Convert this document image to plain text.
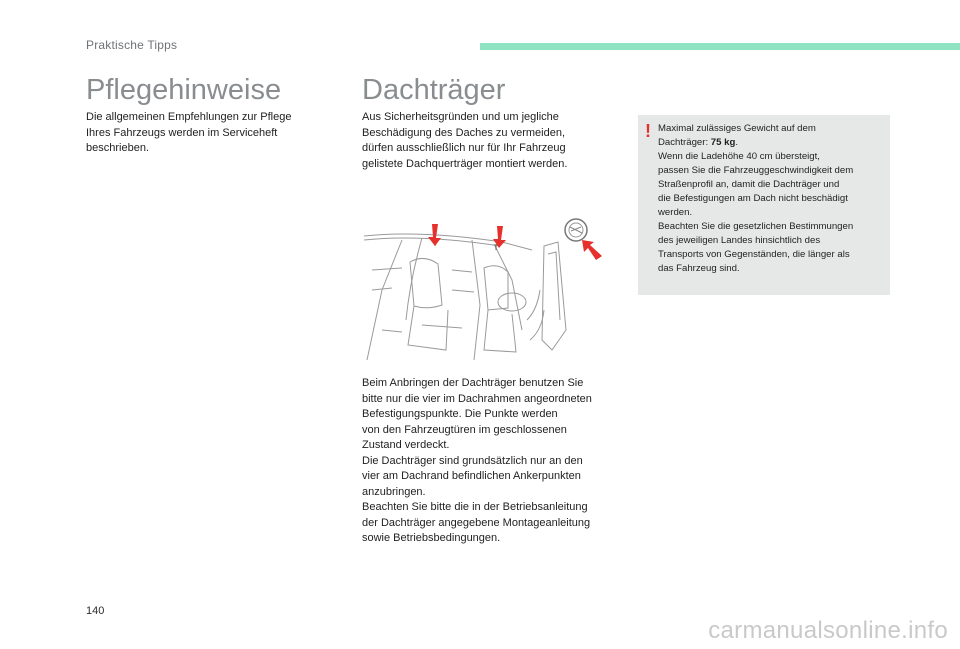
Praktische Tipps
Pflegehinweise

Die allgemeinen Empfehlungen zur Pflege
Ihres Fahrzeugs werden im Serviceheft
beschrieben.

Dachträger

Aus Sicherheitsgründen und um jegliche
Beschädigung des Daches zu vermeiden,
dürfen ausschließlich nur für Ihr Fahrzeug
gelistete Dachquerträger montiert werden.

Beim Anbringen der Dachträger benutzen Sie
bitte nur die vier im Dachrahmen angeordneten
Befestigungspunkte. Die Punkte werden
von den Fahrzeugtüren im geschlossenen
Zustand verdeckt.
Die Dachträger sind grundsätzlich nur an den
vier am Dachrand befindlichen Ankerpunkten
anzubringen.
Beachten Sie bitte die in der Betriebsanleitung
der Dachträger angegebene Montageanleitung
sowie Betriebsbedingungen.

! Maximal zulässiges Gewicht auf dem
Dachträger: 75 kg.
Wenn die Ladehöhe 40 cm übersteigt,
passen Sie die Fahrzeuggeschwindigkeit dem
Straßenprofil an, damit die Dachträger und
die Befestigungen am Dach nicht beschädigt
werden.
Beachten Sie die gesetzlichen Bestimmungen
des jeweiligen Landes hinsichtlich des
Transports von Gegenständen, die länger als
das Fahrzeug sind.

140
carmanualsonline.info
